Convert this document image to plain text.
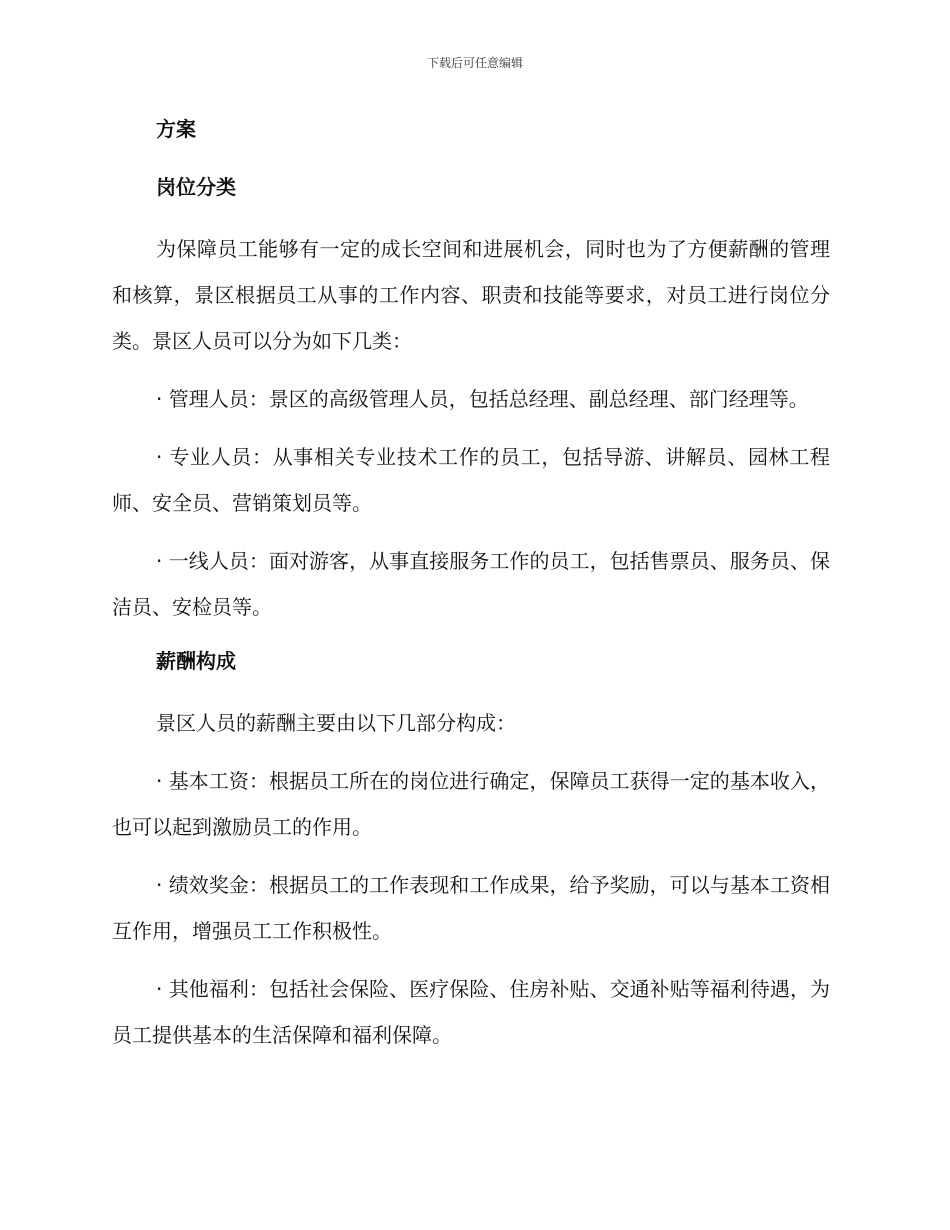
下载后可任意编辑
方案
岗位分类

为保障员工能够有一定的成长空间和进展机会，同时也为了方便薪酬的管理和核算，景区根据员工从事的工作内容、职责和技能等要求，对员工进行岗位分类。景区人员可以分为如下几类：

· 管理人员：景区的高级管理人员，包括总经理、副总经理、部门经理等。

· 专业人员：从事相关专业技术工作的员工，包括导游、讲解员、园林工程师、安全员、营销策划员等。

· 一线人员：面对游客，从事直接服务工作的员工，包括售票员、服务员、保洁员、安检员等。

薪酬构成

景区人员的薪酬主要由以下几部分构成：

· 基本工资：根据员工所在的岗位进行确定，保障员工获得一定的基本收入，也可以起到激励员工的作用。

· 绩效奖金：根据员工的工作表现和工作成果，给予奖励，可以与基本工资相互作用，增强员工工作积极性。

· 其他福利：包括社会保险、医疗保险、住房补贴、交通补贴等福利待遇，为员工提供基本的生活保障和福利保障。
